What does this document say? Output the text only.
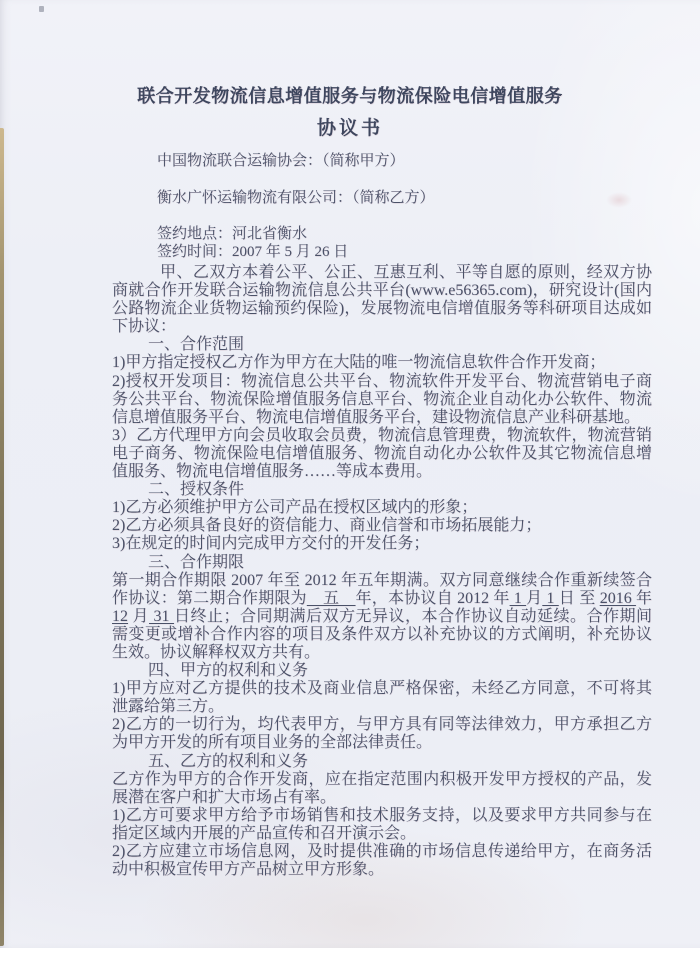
联合开发物流信息增值服务与物流保险电信增值服务
协议书
中国物流联合运输协会：（简称甲方）
衡水广怀运输物流有限公司：（简称乙方）
签约地点：河北省衡水
签约时间：2007 年 5 月 26 日
甲、乙双方本着公平、公正、互惠互利、平等自愿的原则，经双方协商就合作开发联合运输物流信息公共平台(www.e56365.com)，研究设计(国内公路物流企业货物运输预约保险)，发展物流电信增值服务等科研项目达成如下协议：
一、合作范围
1)甲方指定授权乙方作为甲方在大陆的唯一物流信息软件合作开发商；
2)授权开发项目：物流信息公共平台、物流软件开发平台、物流营销电子商务公共平台、物流保险增值服务信息平台、物流企业自动化办公软件、物流信息增值服务平台、物流电信增值服务平台，建设物流信息产业科研基地。
3）乙方代理甲方向会员收取会员费，物流信息管理费，物流软件，物流营销电子商务、物流保险电信增值服务、物流自动化办公软件及其它物流信息增值服务、物流电信增值服务……等成本费用。
二、授权条件
1)乙方必须维护甲方公司产品在授权区域内的形象；
2)乙方必须具备良好的资信能力、商业信誉和市场拓展能力；
3)在规定的时间内完成甲方交付的开发任务；
三、合作期限
第一期合作期限 2007 年至 2012 年五年期满。双方同意继续合作重新续签合作协议：第二期合作期限为　五　年，本协议自 2012 年 1 月 1 日 至 2016 年 12 月 31 日终止；合同期满后双方无异议，本合作协议自动延续。合作期间需变更或增补合作内容的项目及条件双方以补充协议的方式阐明，补充协议生效。协议解释权双方共有。
四、甲方的权利和义务
1)甲方应对乙方提供的技术及商业信息严格保密，未经乙方同意，不可将其泄露给第三方。
2)乙方的一切行为，均代表甲方，与甲方具有同等法律效力，甲方承担乙方为甲方开发的所有项目业务的全部法律责任。
五、乙方的权利和义务
乙方作为甲方的合作开发商，应在指定范围内积极开发甲方授权的产品，发展潜在客户和扩大市场占有率。
1)乙方可要求甲方给予市场销售和技术服务支持，以及要求甲方共同参与在指定区域内开展的产品宣传和召开演示会。
2)乙方应建立市场信息网，及时提供准确的市场信息传递给甲方，在商务活动中积极宣传甲方产品树立甲方形象。
